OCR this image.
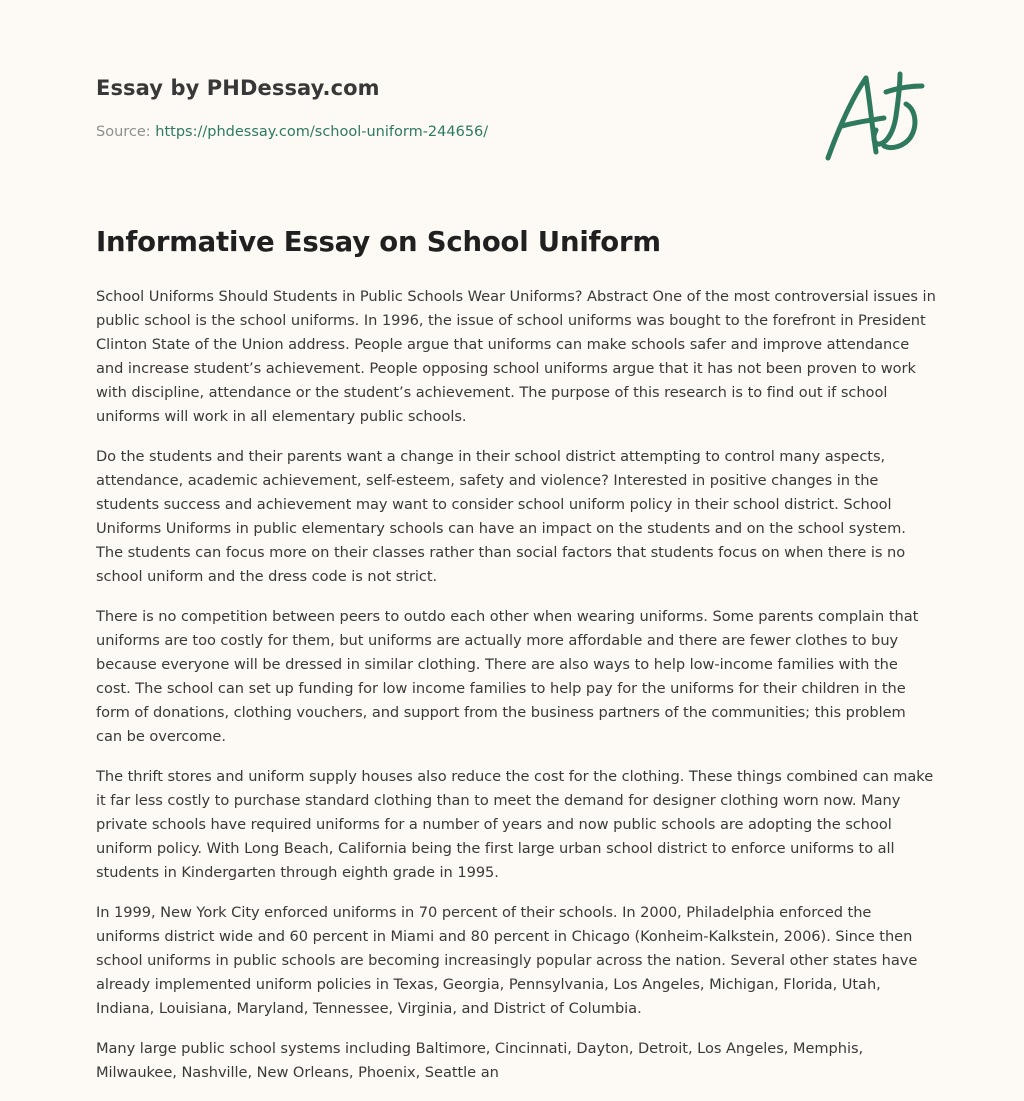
Essay by PHDessay.com

Source: https://phdessay.com/school-uniform-244656/

Informative Essay on School Uniform

School Uniforms Should Students in Public Schools Wear Uniforms? Abstract One of the most controversial issues in public school is the school uniforms. In 1996, the issue of school uniforms was bought to the forefront in President Clinton State of the Union address. People argue that uniforms can make schools safer and improve attendance and increase student’s achievement. People opposing school uniforms argue that it has not been proven to work with discipline, attendance or the student’s achievement. The purpose of this research is to find out if school uniforms will work in all elementary public schools.

Do the students and their parents want a change in their school district attempting to control many aspects, attendance, academic achievement, self-esteem, safety and violence? Interested in positive changes in the students success and achievement may want to consider school uniform policy in their school district. School Uniforms Uniforms in public elementary schools can have an impact on the students and on the school system. The students can focus more on their classes rather than social factors that students focus on when there is no school uniform and the dress code is not strict.

There is no competition between peers to outdo each other when wearing uniforms. Some parents complain that uniforms are too costly for them, but uniforms are actually more affordable and there are fewer clothes to buy because everyone will be dressed in similar clothing. There are also ways to help low-income families with the cost. The school can set up funding for low income families to help pay for the uniforms for their children in the form of donations, clothing vouchers, and support from the business partners of the communities; this problem can be overcome.

The thrift stores and uniform supply houses also reduce the cost for the clothing. These things combined can make it far less costly to purchase standard clothing than to meet the demand for designer clothing worn now. Many private schools have required uniforms for a number of years and now public schools are adopting the school uniform policy. With Long Beach, California being the first large urban school district to enforce uniforms to all students in Kindergarten through eighth grade in 1995.

In 1999, New York City enforced uniforms in 70 percent of their schools. In 2000, Philadelphia enforced the uniforms district wide and 60 percent in Miami and 80 percent in Chicago (Konheim-Kalkstein, 2006). Since then school uniforms in public schools are becoming increasingly popular across the nation. Several other states have already implemented uniform policies in Texas, Georgia, Pennsylvania, Los Angeles, Michigan, Florida, Utah, Indiana, Louisiana, Maryland, Tennessee, Virginia, and District of Columbia.

Many large public school systems including Baltimore, Cincinnati, Dayton, Detroit, Los Angeles, Memphis, Milwaukee, Nashville, New Orleans, Phoenix, Seattle an
